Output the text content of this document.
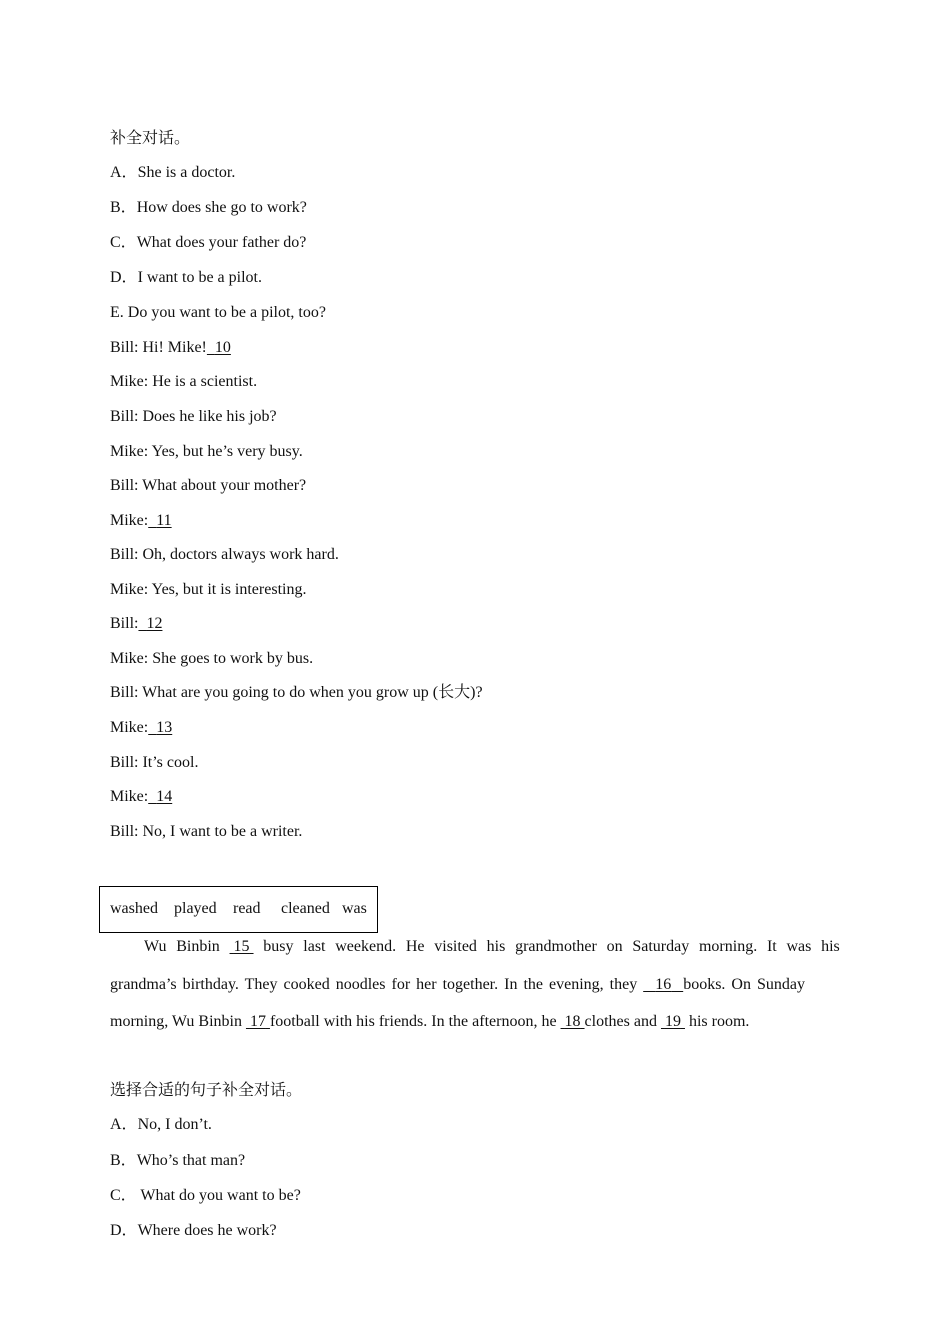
补全对话。
A．She is a doctor.
B．How does she go to work?
C．What does your father do?
D．I want to be a pilot.
E. Do you want to be a pilot, too?
Bill: Hi! Mike! 10
Mike: He is a scientist.
Bill: Does he like his job?
Mike: Yes, but he’s very busy.
Bill: What about your mother?
Mike: 11
Bill: Oh, doctors always work hard.
Mike: Yes, but it is interesting.
Bill: 12
Mike: She goes to work by bus.
Bill: What are you going to do when you grow up (长大)?
Mike: 13
Bill: It’s cool.
Mike: 14
Bill: No, I want to be a writer.
washed played read cleaned was
Wu Binbin 15 busy last weekend. He visited his grandmother on Saturday morning. It was his
grandma’s birthday. They cooked noodles for her together. In the evening, they 16 books. On Sunday
morning, Wu Binbin 17 football with his friends. In the afternoon, he 18 clothes and 19 his room.
选择合适的句子补全对话。
A．No, I don’t.
B．Who’s that man?
C． What do you want to be?
D．Where does he work?
